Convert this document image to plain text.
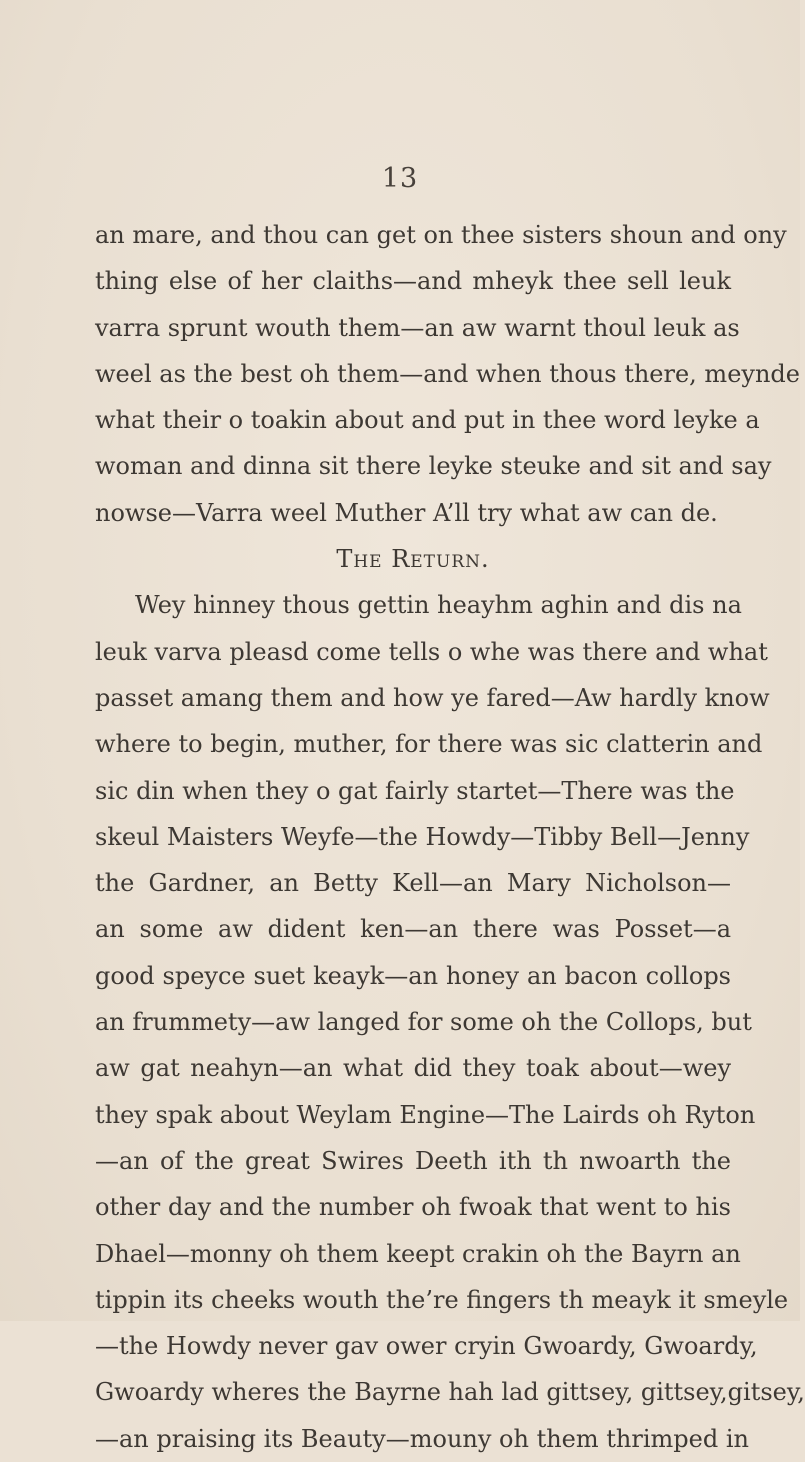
13
an mare, and thou can get on thee sisters shoun and ony
thing else of her claiths—and mheyk thee sell leuk
varra sprunt wouth them—an aw warnt thoul leuk as
weel as the best oh them—and when thous there, meynde
what their o toakin about and put in thee word leyke a
woman and dinna sit there leyke steuke and sit and say
nowse—Varra weel Muther A’ll try what aw can de.
The Return.
Wey hinney thous gettin heayhm aghin and dis na
leuk varva pleasd come tells o whe was there and what
passet amang them and how ye fared—Aw hardly know
where to begin, muther, for there was sic clatterin and
sic din when they o gat fairly startet—There was the
skeul Maisters Weyfe—the Howdy—Tibby Bell—Jenny
the Gardner, an Betty Kell—an Mary Nicholson—
an some aw dident ken—an there was Posset—a
good speyce suet keayk—an honey an bacon collops
an frummety—aw langed for some oh the Collops, but
aw gat neahyn—an what did they toak about—wey
they spak about Weylam Engine—The Lairds oh Ryton
—an of the great Swires Deeth ith th nwoarth the
other day and the number oh fwoak that went to his
Dhael—monny oh them keept crakin oh the Bayrn an
tippin its cheeks wouth the’re fingers th meayk it smeyle
—the Howdy never gav ower cryin Gwoardy, Gwoardy,
Gwoardy wheres the Bayrne hah lad gittsey, gittsey,gitsey,
—an praising its Beauty—mouny oh them thrimped in
